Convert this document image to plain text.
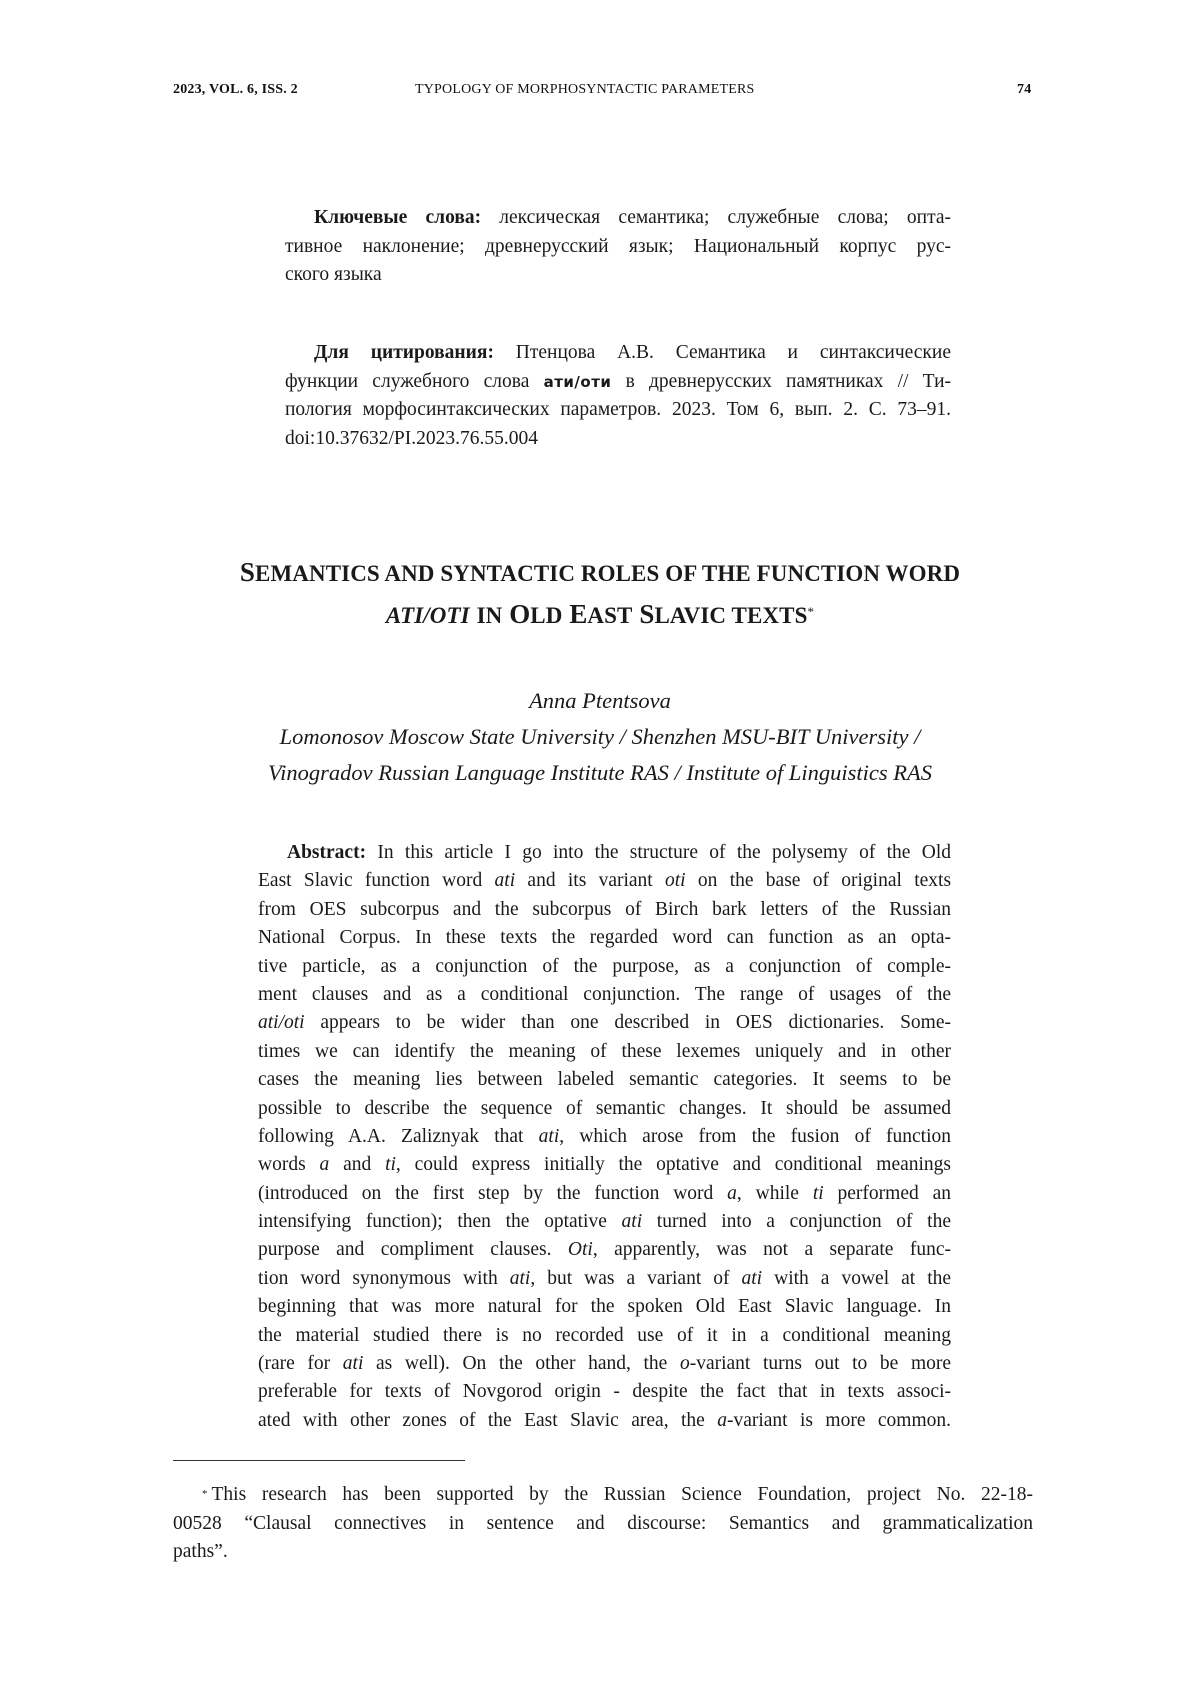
2023, VOL. 6, ISS. 2	TYPOLOGY OF MORPHOSYNTACTIC PARAMETERS	74
Ключевые слова: лексическая семантика; служебные слова; опта-
тивное наклонение; древнерусский язык; Национальный корпус рус-
ского языка
Для цитирования: Птенцова А.В. Семантика и синтаксические
функции служебного слова ати/оти в древнерусских памятниках // Ти-
пология морфосинтаксических параметров. 2023. Том 6, вып. 2. С. 73–91.
doi:10.37632/PI.2023.76.55.004
SEMANTICS AND SYNTACTIC ROLES OF THE FUNCTION WORD
ATI/OTI IN OLD EAST SLAVIC TEXTS*
Anna Ptentsova
Lomonosov Moscow State University / Shenzhen MSU-BIT University /
Vinogradov Russian Language Institute RAS / Institute of Linguistics RAS
Abstract: In this article I go into the structure of the polysemy of the Old
East Slavic function word ati and its variant oti on the base of original texts
from OES subcorpus and the subcorpus of Birch bark letters of the Russian
National Corpus. In these texts the regarded word can function as an opta-
tive particle, as a conjunction of the purpose, as a conjunction of comple-
ment clauses and as a conditional conjunction. The range of usages of the
ati/oti appears to be wider than one described in OES dictionaries. Some-
times we can identify the meaning of these lexemes uniquely and in other
cases the meaning lies between labeled semantic categories. It seems to be
possible to describe the sequence of semantic changes. It should be assumed
following A.A. Zaliznyak that ati, which arose from the fusion of function
words a and ti, could express initially the optative and conditional meanings
(introduced on the first step by the function word a, while ti performed an
intensifying function); then the optative ati turned into a conjunction of the
purpose and compliment clauses. Oti, apparently, was not a separate func-
tion word synonymous with ati, but was a variant of ati with a vowel at the
beginning that was more natural for the spoken Old East Slavic language. In
the material studied there is no recorded use of it in a conditional meaning
(rare for ati as well). On the other hand, the o-variant turns out to be more
preferable for texts of Novgorod origin - despite the fact that in texts associ-
ated with other zones of the East Slavic area, the a-variant is more common.
* This research has been supported by the Russian Science Foundation, project No. 22-18-
00528 “Clausal connectives in sentence and discourse: Semantics and grammaticalization
paths”.
